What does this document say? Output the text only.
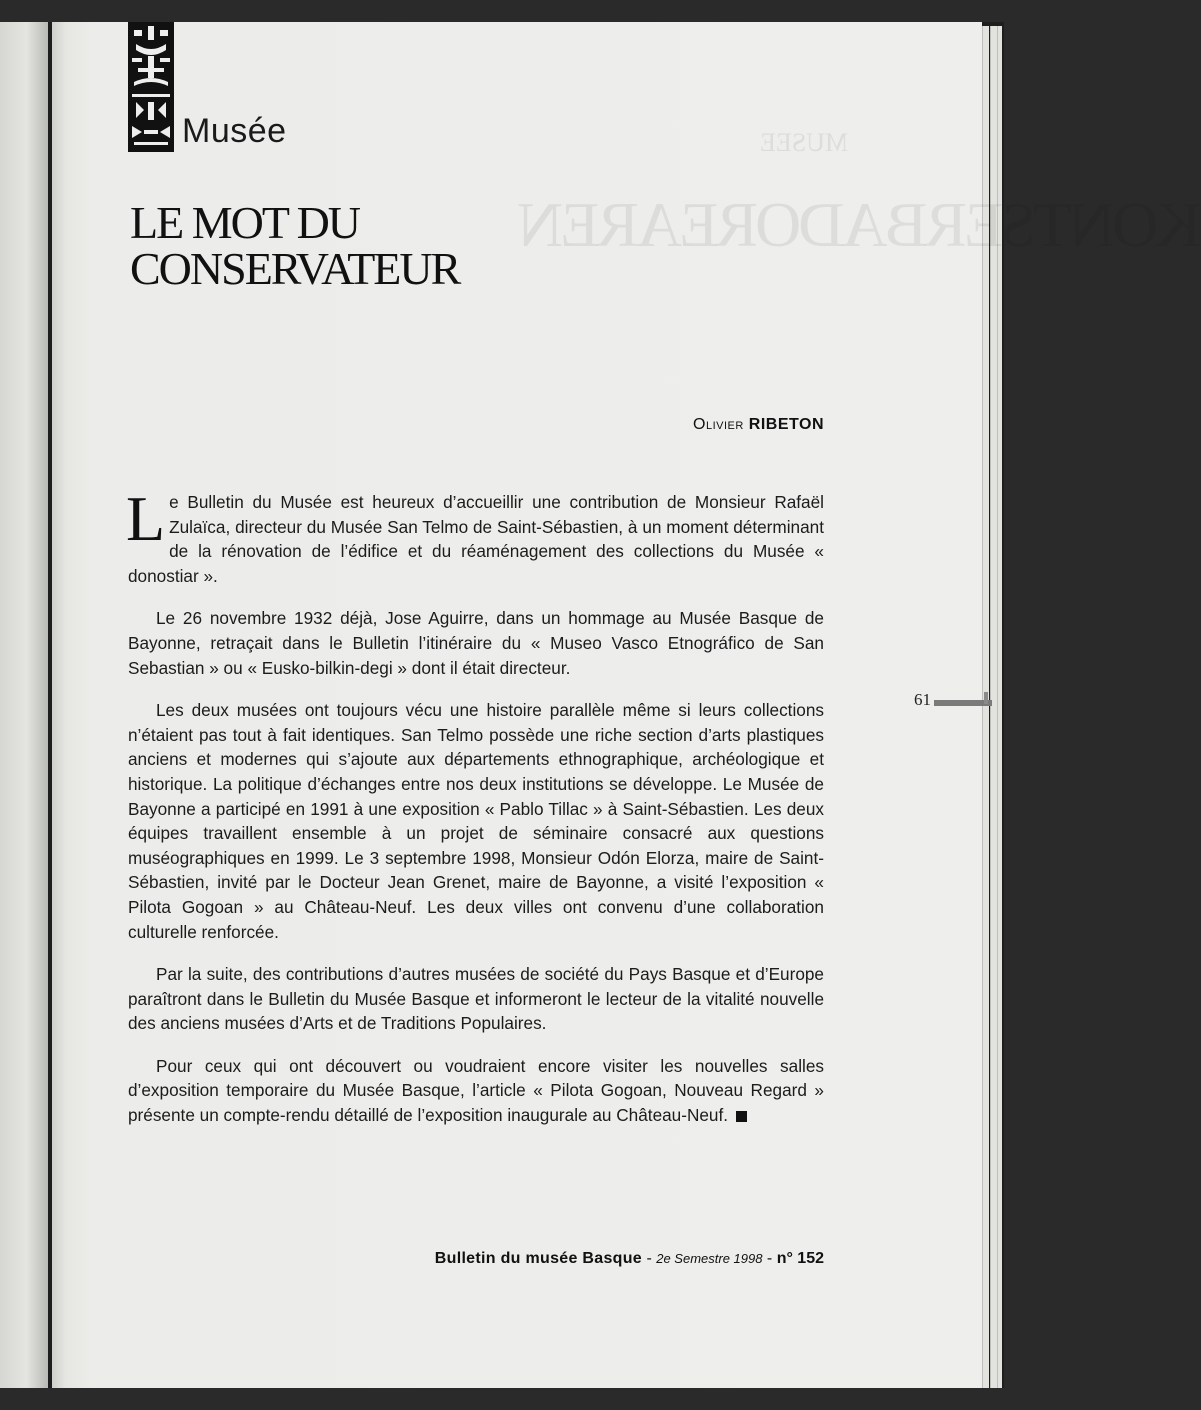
KONTSERBADOREAREN
MUSEE
Musée
LE MOT DU
CONSERVATEUR
Olivier RIBETON

Le Bulletin du Musée est heureux d’accueillir une contribution de Monsieur Rafaël Zulaïca, directeur du Musée San Telmo de Saint-Sébastien, à un moment déterminant de la rénovation de l’édifice et du réaménagement des collections du Musée « donostiar ».

Le 26 novembre 1932 déjà, Jose Aguirre, dans un hommage au Musée Basque de Bayonne, retraçait dans le Bulletin l’itinéraire du « Museo Vasco Etnográfico de San Sebastian » ou « Eusko-bilkin-degi » dont il était directeur.

Les deux musées ont toujours vécu une histoire parallèle même si leurs collections n’étaient pas tout à fait identiques. San Telmo possède une riche section d’arts plastiques anciens et modernes qui s’ajoute aux départements ethnographique, archéologique et historique. La politique d’échanges entre nos deux institutions se développe. Le Musée de Bayonne a participé en 1991 à une exposition « Pablo Tillac » à Saint-Sébastien. Les deux équipes travaillent ensemble à un projet de séminaire consacré aux questions muséographiques en 1999. Le 3 septembre 1998, Monsieur Odón Elorza, maire de Saint-Sébastien, invité par le Docteur Jean Grenet, maire de Bayonne, a visité l’exposition « Pilota Gogoan » au Château-Neuf. Les deux villes ont convenu d’une collaboration culturelle renforcée.

Par la suite, des contributions d’autres musées de société du Pays Basque et d’Europe paraîtront dans le Bulletin du Musée Basque et informeront le lecteur de la vitalité nouvelle des anciens musées d’Arts et de Traditions Populaires.

Pour ceux qui ont découvert ou voudraient encore visiter les nouvelles salles d’exposition temporaire du Musée Basque, l’article « Pilota Gogoan, Nouveau Regard » présente un compte-rendu détaillé de l’exposition inaugurale au Château-Neuf.

61
Bulletin du musée Basque - 2e Semestre 1998 - n° 152
